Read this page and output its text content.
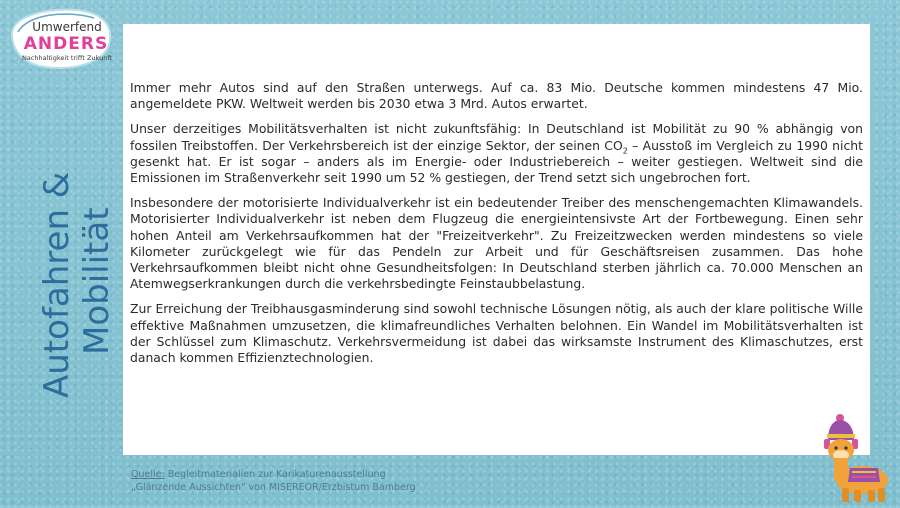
Umwerfend
ANDERS
Nachhaltigkeit trifft Zukunft
Autofahren & Mobilität

Immer mehr Autos sind auf den Straßen unterwegs. Auf ca. 83 Mio. Deutsche kommen mindestens 47 Mio. angemeldete PKW. Weltweit werden bis 2030 etwa 3 Mrd. Autos erwartet.

Unser derzeitiges Mobilitätsverhalten ist nicht zukunftsfähig: In Deutschland ist Mobilität zu 90 % abhängig von fossilen Treibstoffen. Der Verkehrsbereich ist der einzige Sektor, der seinen $CO_2$ – Ausstoß im Vergleich zu 1990 nicht gesenkt hat. Er ist sogar – anders als im Energie- oder Industriebereich – weiter gestiegen. Weltweit sind die Emissionen im Straßenverkehr seit 1990 um 52 % gestiegen, der Trend setzt sich ungebrochen fort.

Insbesondere der motorisierte Individualverkehr ist ein bedeutender Treiber des menschengemachten Klimawandels. Motorisierter Individualverkehr ist neben dem Flugzeug die energieintensivste Art der Fortbewegung. Einen sehr hohen Anteil am Verkehrsaufkommen hat der "Freizeitverkehr". Zu Freizeitzwecken werden mindestens so viele Kilometer zurückgelegt wie für das Pendeln zur Arbeit und für Geschäftsreisen zusammen. Das hohe Verkehrsaufkommen bleibt nicht ohne Gesundheitsfolgen: In Deutschland sterben jährlich ca. 70.000 Menschen an Atemwegserkrankungen durch die verkehrsbedingte Feinstaubbelastung.

Zur Erreichung der Treibhausgasminderung sind sowohl technische Lösungen nötig, als auch der klare politische Wille effektive Maßnahmen umzusetzen, die klimafreundliches Verhalten belohnen. Ein Wandel im Mobilitätsverhalten ist der Schlüssel zum Klimaschutz. Verkehrsvermeidung ist dabei das wirksamste Instrument des Klimaschutzes, erst danach kommen Effizienztechnologien.

Quelle: Begleitmaterialien zur Karikaturenausstellung
„Glänzende Aussichten" von MISEREOR/Erzbistum Bamberg
